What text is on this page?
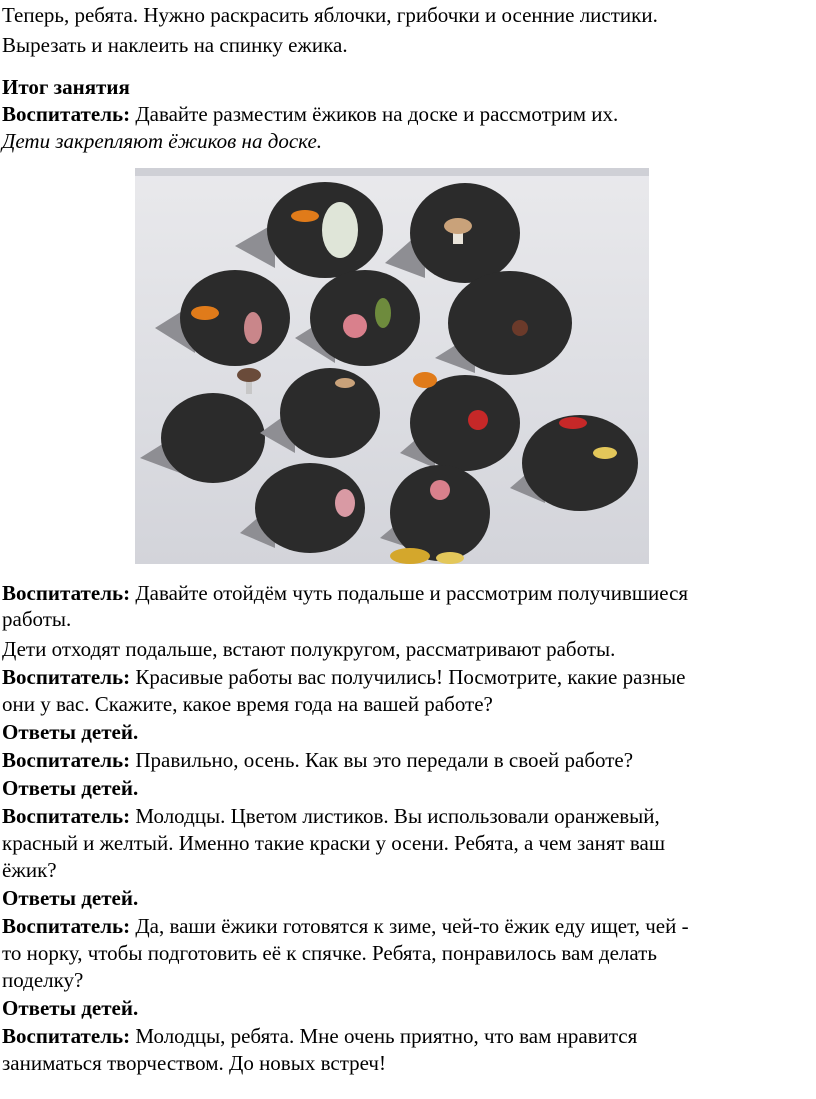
Теперь, ребята. Нужно раскрасить яблочки, грибочки и осенние листики.
Вырезать и наклеить на спинку ежика.
Итог занятия
Воспитатель: Давайте разместим ёжиков на доске и рассмотрим их.
Дети закрепляют ёжиков на доске.
Воспитатель: Давайте отойдём чуть подальше и рассмотрим получившиеся
работы.
Дети отходят подальше, встают полукругом, рассматривают работы.
Воспитатель: Красивые работы вас получились! Посмотрите, какие разные
они у вас. Скажите, какое время года на вашей работе?
Ответы детей.
Воспитатель: Правильно, осень. Как вы это передали в своей работе?
Ответы детей.
Воспитатель: Молодцы. Цветом листиков. Вы использовали оранжевый,
красный и желтый. Именно такие краски у осени. Ребята, а чем занят ваш
ёжик?
Ответы детей.
Воспитатель: Да, ваши ёжики готовятся к зиме, чей-то ёжик еду ищет, чей -
то норку, чтобы подготовить её к спячке. Ребята, понравилось вам делать
поделку?
Ответы детей.
Воспитатель: Молодцы, ребята. Мне очень приятно, что вам нравится
заниматься творчеством. До новых встреч!
